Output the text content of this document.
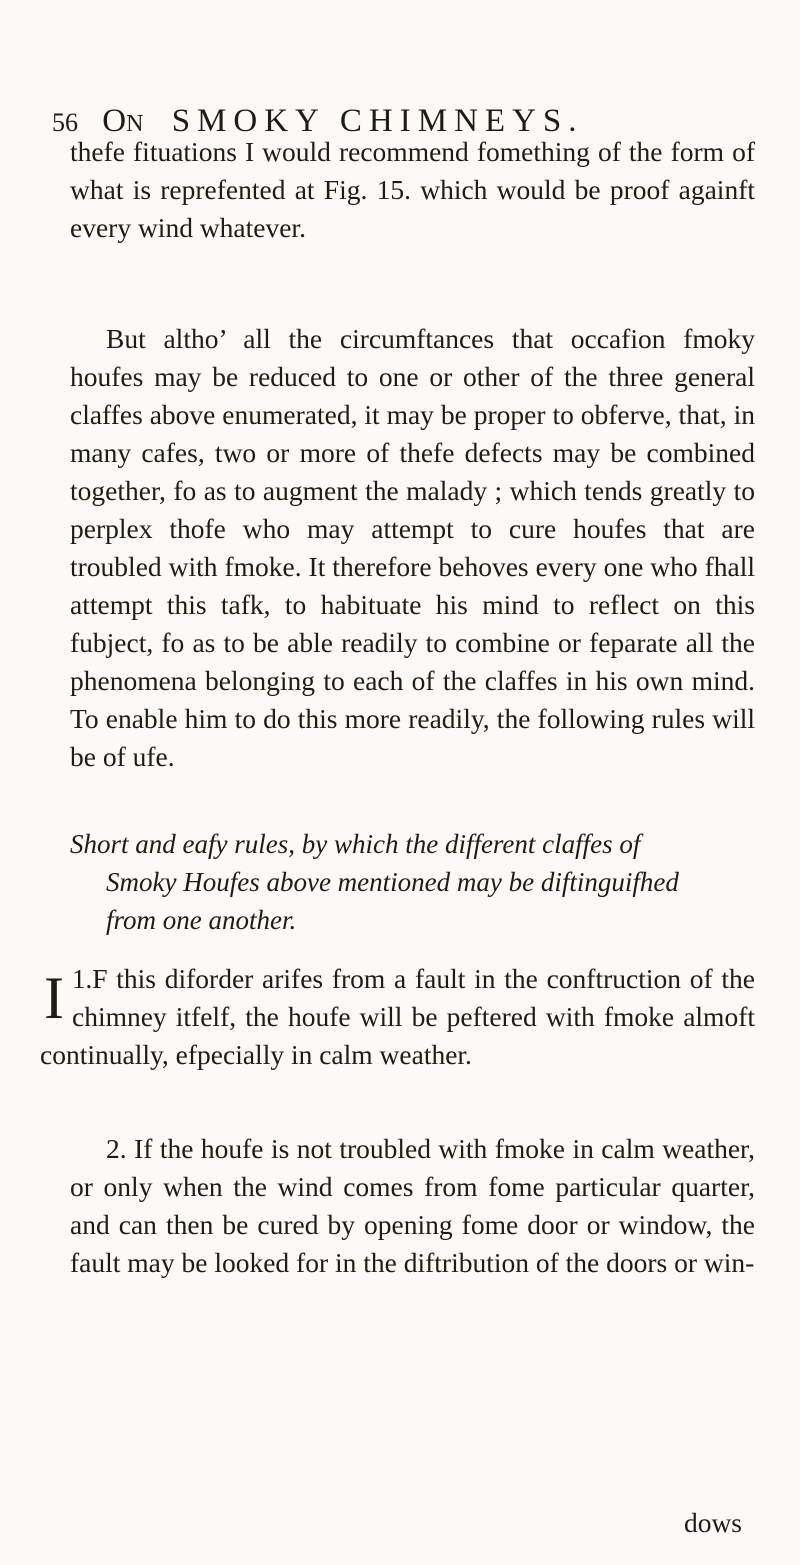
56 ON SMOKY CHIMNEYS.

thefe fituations I would recommend fomething of the form of what is reprefented at Fig. 15. which would be proof againft every wind whatever.

But altho’ all the circumftances that occafion fmoky houfes may be reduced to one or other of the three general claffes above enumerated, it may be proper to obferve, that, in many cafes, two or more of thefe defects may be combined together, fo as to augment the malady ; which tends greatly to perplex thofe who may attempt to cure houfes that are troubled with fmoke. It therefore behoves every one who fhall attempt this tafk, to habituate his mind to reflect on this fubject, fo as to be able readily to combine or feparate all the phenomena belonging to each of the claffes in his own mind. To enable him to do this more readily, the following rules will be of ufe.

Short and eafy rules, by which the different claffes of
Smoky Houfes above mentioned may be diftinguifhed
from one another.

1.
I F this diforder arifes from a fault in the conftruction of the chimney itfelf, the houfe will be peftered with fmoke almoft continually, efpecially in calm weather.

2. If the houfe is not troubled with fmoke in calm weather, or only when the wind comes from fome particular quarter, and can then be cured by opening fome door or window, the fault may be looked for in the diftribution of the doors or win-

dows
